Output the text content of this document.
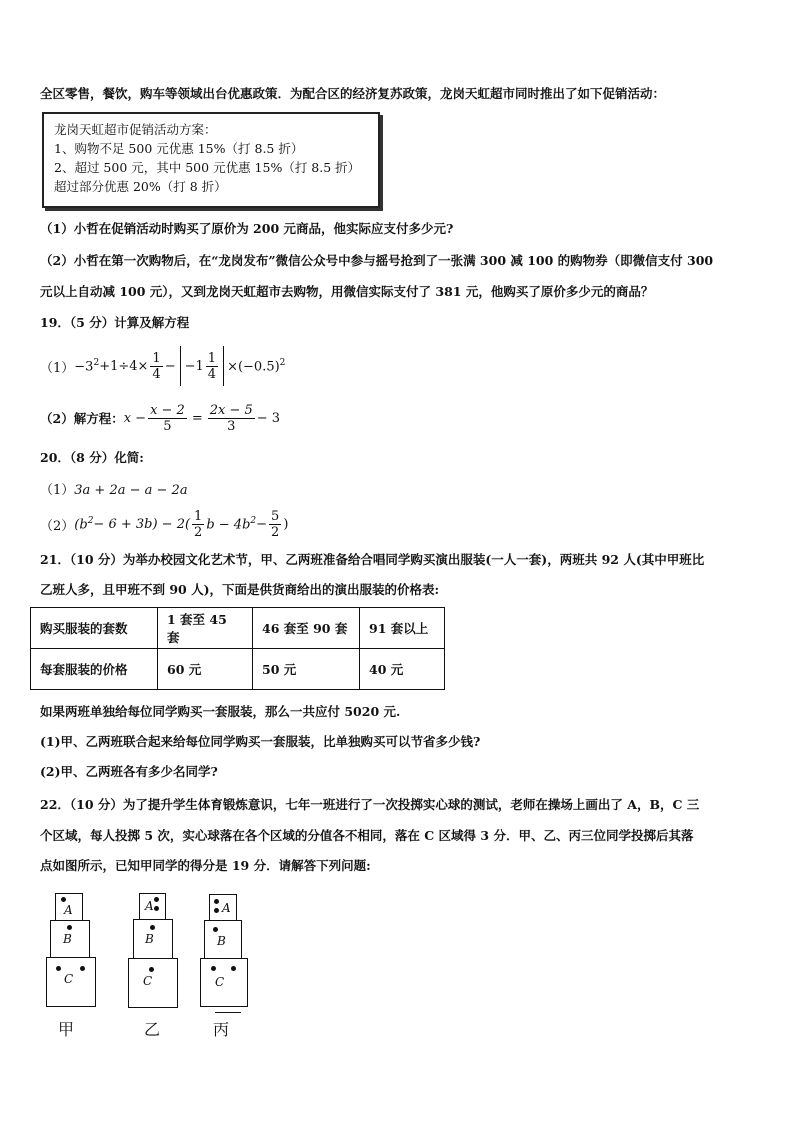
全区零售，餐饮，购车等领域出台优惠政策．为配合区的经济复苏政策，龙岗天虹超市同时推出了如下促销活动：
龙岗天虹超市促销活动方案：
1、购物不足 500 元优惠 15%（打 8.5 折）
2、超过 500 元，其中 500 元优惠 15%（打 8.5 折）
超过部分优惠 20%（打 8 折）
（1）小哲在促销活动时购买了原价为 200 元商品，他实际应支付多少元?
（2）小哲在第一次购物后，在“龙岗发布”微信公众号中参与摇号抢到了一张满 300 减 100 的购物券（即微信支付 300
元以上自动减 100 元），又到龙岗天虹超市去购物，用微信实际支付了 381 元，他购买了原价多少元的商品？
19．（5 分）计算及解方程
$(1) -3^2 +1\div 4\times \frac{1}{4} - -1 \frac{1}{4} \times(-0.5)^2$
（2）解方程： $x - \frac{x - 2}{5} = \frac{2x - 5}{3} - 3$
20．（8 分）化简:
（1）3a + 2a − a − 2a
（2） $(b^2 - 6 + 3b) - 2( \frac{1}{2}$ $b - 4b^2 - \frac{5}{2}$ )
21．（10 分）为举办校园文化艺术节，甲、乙两班准备给合唱同学购买演出服装(一人一套)，两班共 92 人(其中甲班比
乙班人多，且甲班不到 90 人)，下面是供货商给出的演出服装的价格表:
购买服装的套数	1 套至 45 套	46 套至 90 套	91 套以上
每套服装的价格	60 元	50 元	40 元
如果两班单独给每位同学购买一套服装，那么一共应付 5020 元.
(1)甲、乙两班联合起来给每位同学购买一套服装，比单独购买可以节省多少钱?
(2)甲、乙两班各有多少名同学?
22．（10 分）为了提升学生体育锻炼意识，七年一班进行了一次投掷实心球的测试，老师在操场上画出了 A，B，C 三
个区域，每人投掷 5 次，实心球落在各个区域的分值各不相同，落在 C 区域得 3 分．甲、乙、丙三位同学投掷后其落
点如图所示，已知甲同学的得分是 19 分．请解答下列问题:
A
B
C
甲
A
B
C
乙
A
B
C
丙
